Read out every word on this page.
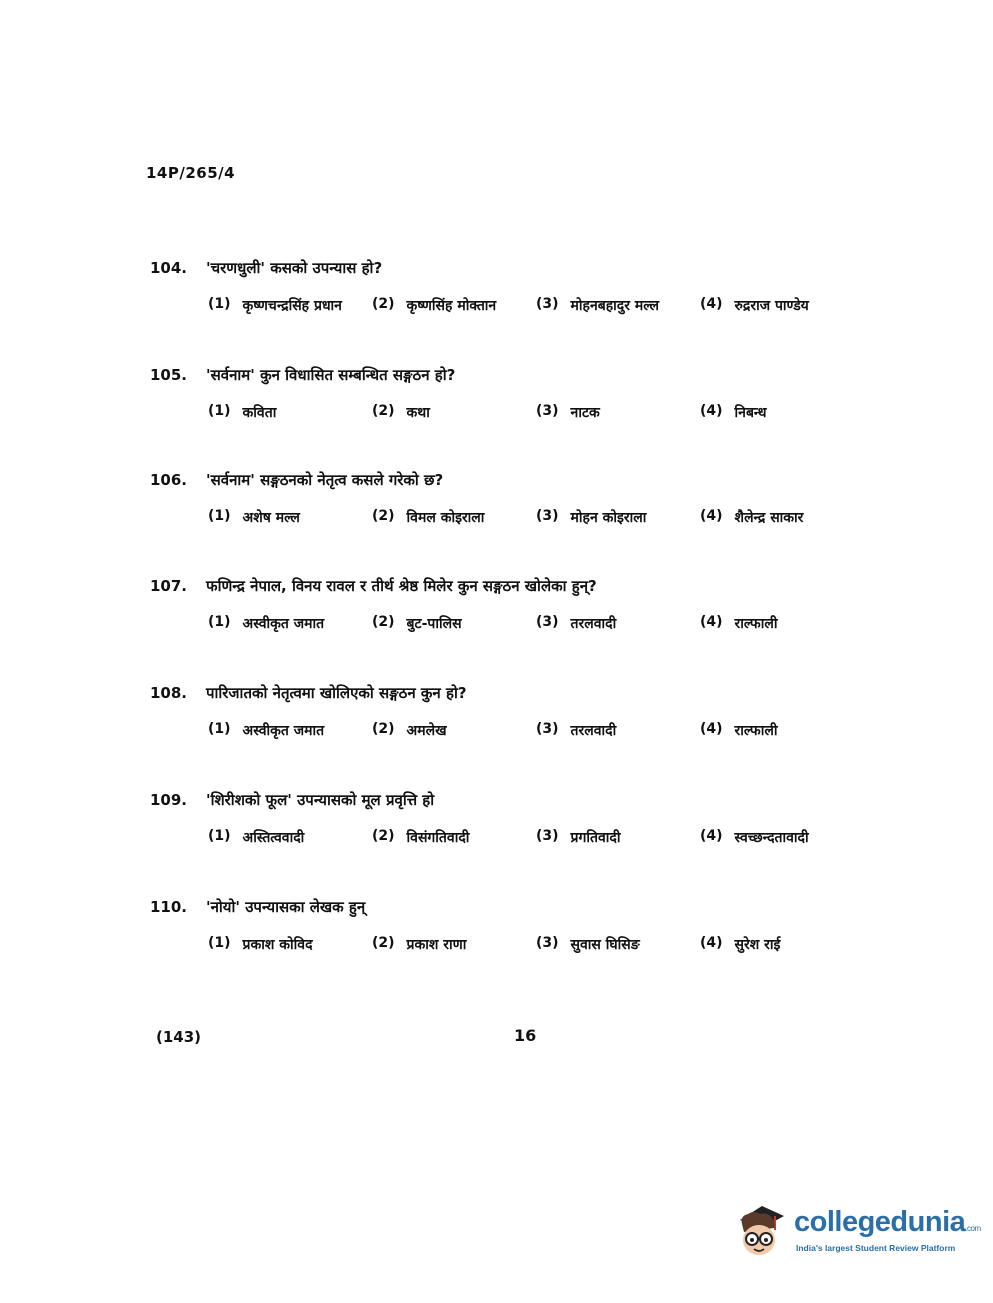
14P/265/4
104.	'चरणधुली' कसको उपन्यास हो?
(1) कृष्णचन्द्रसिंह प्रधान (2) कृष्णसिंह मोक्तान	(3) मोहनबहादुर मल्ल	(4) रुद्रराज पाण्डेय
105.	'सर्वनाम' कुन विधासित सम्बन्धित सङ्गठन हो?
(1) कविता	(2) कथा	(3) नाटक	(4) निबन्ध
106.	'सर्वनाम' सङ्गठनको नेतृत्व कसले गरेको छ?
(1) अशेष मल्ल	(2) विमल कोइराला	(3) मोहन कोइराला	(4) शैलेन्द्र साकार
107.	फणिन्द्र नेपाल, विनय रावल र तीर्थ श्रेष्ठ मिलेर कुन सङ्गठन खोलेका हुन्?
(1) अस्वीकृत जमात	(2) बुट-पालिस	(3) तरलवादी	(4) राल्फाली
108.	पारिजातको नेतृत्वमा खोलिएको सङ्गठन कुन हो?
(1) अस्वीकृत जमात	(2) अमलेख	(3) तरलवादी	(4) राल्फाली
109.	'शिरीशको फूल' उपन्यासको मूल प्रवृत्ति हो
(1) अस्तित्ववादी	(2) विसंगतिवादी	(3) प्रगतिवादी	(4) स्वच्छन्दतावादी
110.	'नोयो' उपन्यासका लेखक हुन्
(1) प्रकाश कोविद	(2) प्रकाश राणा	(3) सुवास घिसिङ	(4) सुरेश राई
(143)	16
collegedunia.com
India's largest Student Review Platform
